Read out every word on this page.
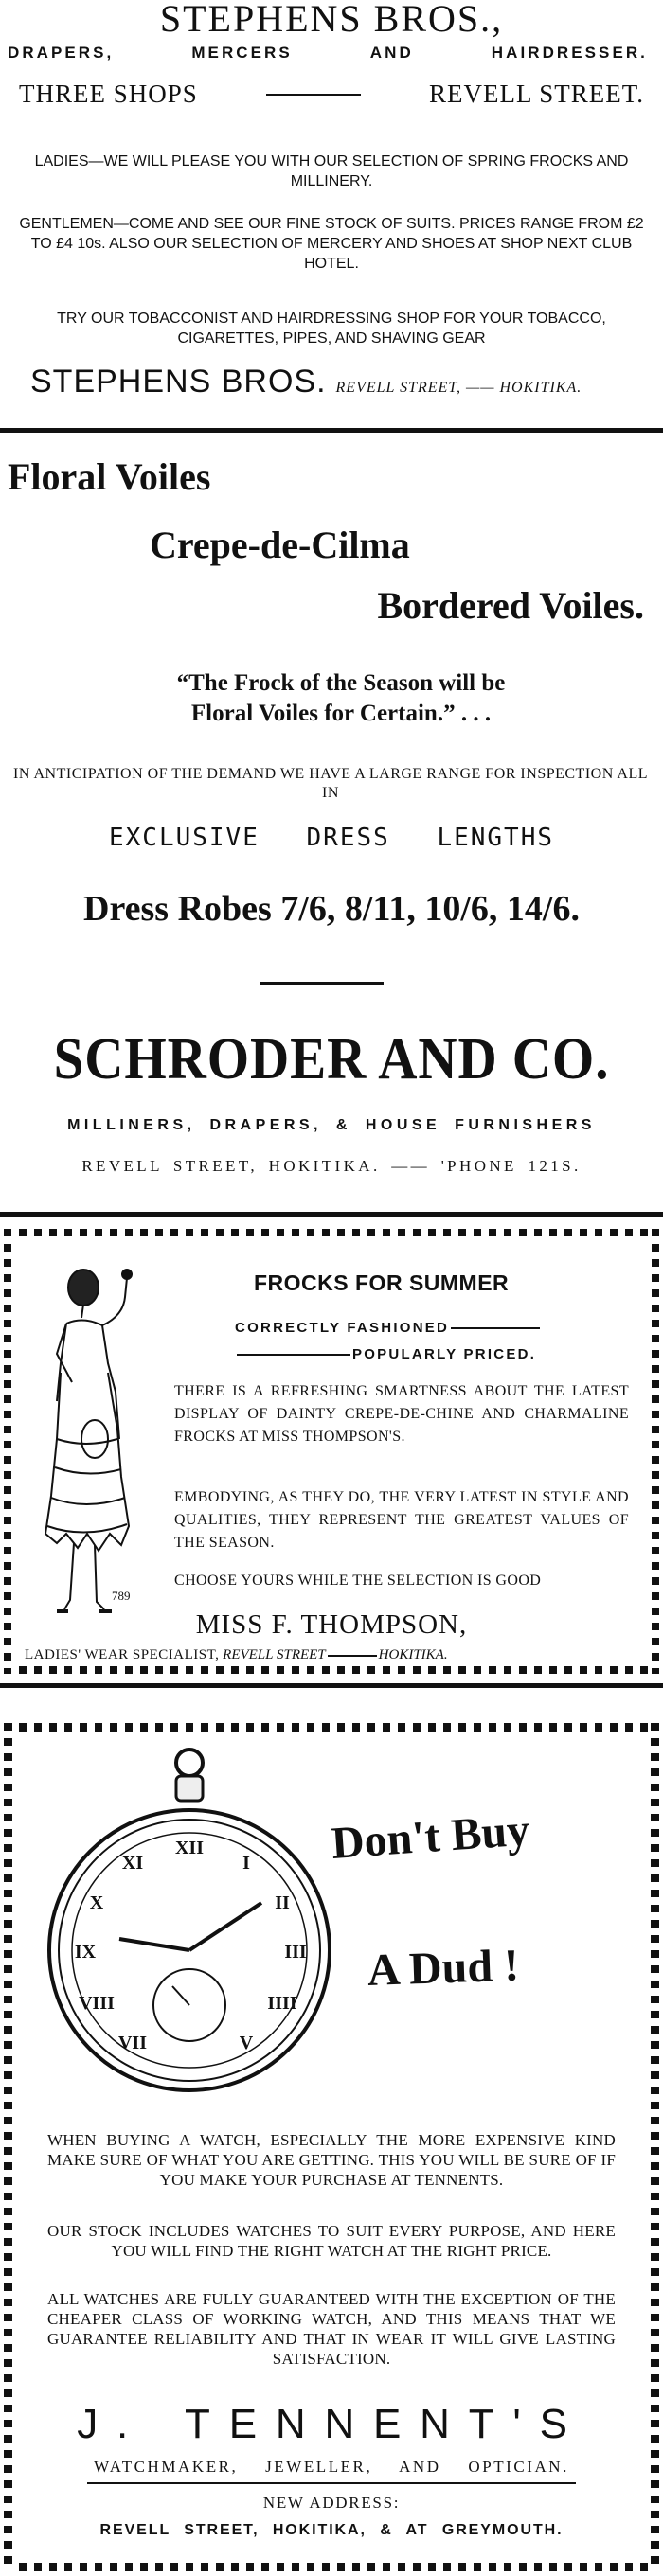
STEPHENS BROS.,
DRAPERS,	MERCERS	AND	HAIRDRESSER.
THREE SHOPS	REVELL STREET.
LADIES—WE WILL PLEASE YOU WITH OUR SELECTION OF SPRING FROCKS AND MILLINERY.
GENTLEMEN—COME AND SEE OUR FINE STOCK OF SUITS. PRICES RANGE FROM £2 TO £4 10s. ALSO OUR SELECTION OF MERCERY AND SHOES AT SHOP NEXT CLUB HOTEL.
TRY OUR TOBACCONIST AND HAIRDRESSING SHOP FOR YOUR TOBACCO, CIGARETTES, PIPES, AND SHAVING GEAR
STEPHENS BROS. REVELL STREET, —— HOKITIKA.
Floral Voiles
Crepe-de-Cilma
Bordered Voiles.
“The Frock of the Season will be Floral Voiles for Certain.” . . .
IN ANTICIPATION OF THE DEMAND WE HAVE A LARGE RANGE FOR INSPECTION ALL IN
EXCLUSIVE DRESS LENGTHS
Dress Robes 7/6, 8/11, 10/6, 14/6.
SCHRODER AND CO.
MILLINERS, DRAPERS, & HOUSE FURNISHERS
REVELL STREET, HOKITIKA. —— 'PHONE 121S.
789
FROCKS FOR SUMMER
CORRECTLY FASHIONED
POPULARLY PRICED.
THERE IS A REFRESHING SMARTNESS ABOUT THE LATEST DISPLAY OF DAINTY CREPE-DE-CHINE AND CHARMALINE FROCKS AT MISS THOMPSON'S.
EMBODYING, AS THEY DO, THE VERY LATEST IN STYLE AND QUALITIES, THEY REPRESENT THE GREATEST VALUES OF THE SEASON.
CHOOSE YOURS WHILE THE SELECTION IS GOOD
MISS F. THOMPSON,
LADIES' WEAR SPECIALIST, REVELL STREET	HOKITIKA.
XII
I
II
III
IIII
V
VII
VIII
IX
X
XI	Don't Buy
A Dud !
WHEN BUYING A WATCH, ESPECIALLY THE MORE EXPENSIVE KIND MAKE SURE OF WHAT YOU ARE GETTING. THIS YOU WILL BE SURE OF IF YOU MAKE YOUR PURCHASE AT TENNENTS.
OUR STOCK INCLUDES WATCHES TO SUIT EVERY PURPOSE, AND HERE YOU WILL FIND THE RIGHT WATCH AT THE RIGHT PRICE.
ALL WATCHES ARE FULLY GUARANTEED WITH THE EXCEPTION OF THE CHEAPER CLASS OF WORKING WATCH, AND THIS MEANS THAT WE GUARANTEE RELIABILITY AND THAT IN WEAR IT WILL GIVE LASTING SATISFACTION.
J. TENNENT'S
WATCHMAKER, JEWELLER, AND OPTICIAN.
NEW ADDRESS:
REVELL STREET, HOKITIKA, & AT GREYMOUTH.
